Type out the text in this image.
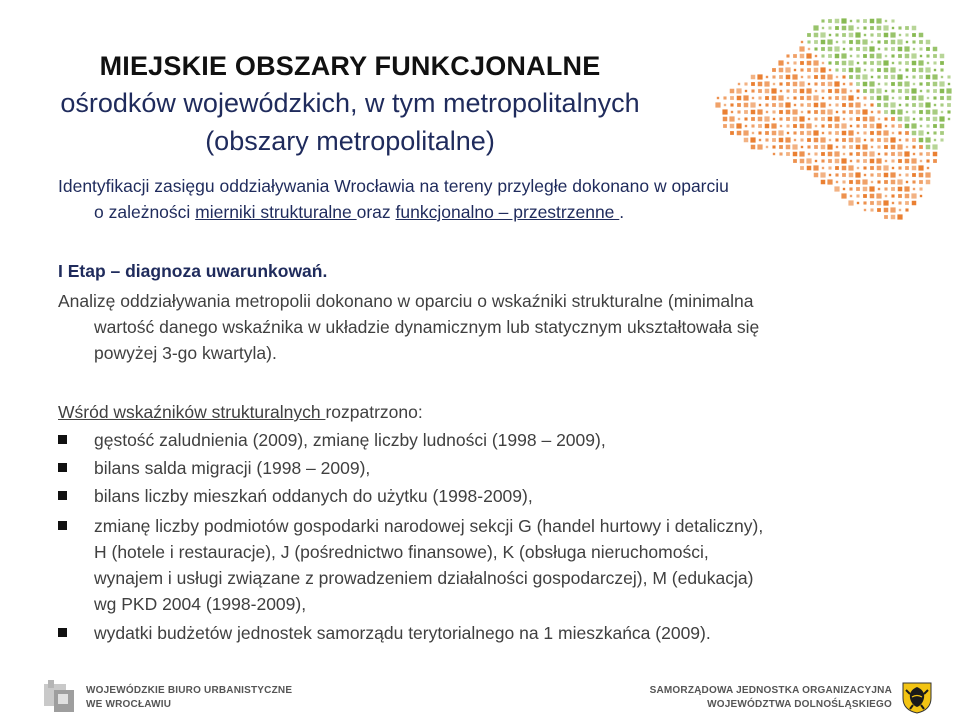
MIEJSKIE OBSZARY FUNKCJONALNE
ośrodków wojewódzkich, w tym metropolitalnych
(obszary metropolitalne)
Identyfikacji zasięgu oddziaływania Wrocławia na tereny przyległe dokonano w oparciu
o zależności mierniki strukturalne oraz funkcjonalno – przestrzenne .
I Etap – diagnoza uwarunkowań.
Analizę oddziaływania metropolii dokonano w oparciu o wskaźniki strukturalne (minimalna
wartość danego wskaźnika w układzie dynamicznym lub statycznym ukształtowała się
powyżej 3-go kwartyla).
Wśród wskaźników strukturalnych rozpatrzono:
gęstość zaludnienia (2009), zmianę liczby ludności (1998 – 2009),
bilans salda migracji (1998 – 2009),
bilans liczby mieszkań oddanych do użytku (1998-2009),
zmianę liczby podmiotów gospodarki narodowej sekcji G (handel hurtowy i detaliczny),
H (hotele i restauracje), J (pośrednictwo finansowe), K (obsługa nieruchomości,
wynajem i usługi związane z prowadzeniem działalności gospodarczej), M (edukacja)
wg PKD 2004 (1998-2009),
wydatki budżetów jednostek samorządu terytorialnego na 1 mieszkańca (2009).
WOJEWÓDZKIE BIURO URBANISTYCZNE
WE WROCŁAWIU
SAMORZĄDOWA JEDNOSTKA ORGANIZACYJNA
WOJEWÓDZTWA DOLNOŚLĄSKIEGO
